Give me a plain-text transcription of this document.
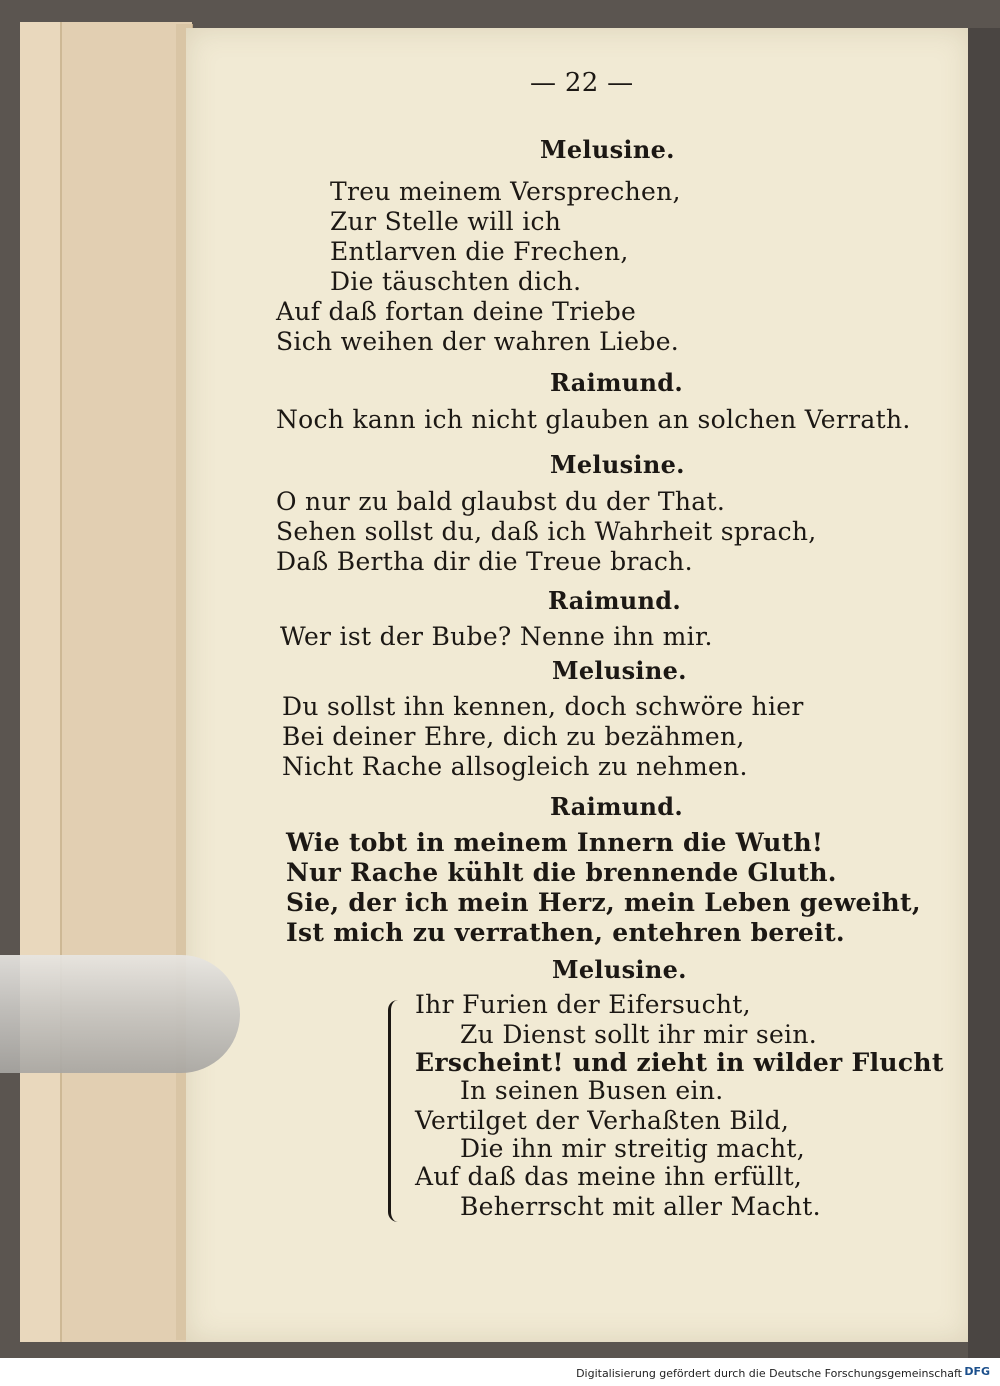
— 22 —
Melusine.
Treu meinem Versprechen,
Zur Stelle will ich
Entlarven die Frechen,
Die täuschten dich.
Auf daß fortan deine Triebe
Sich weihen der wahren Liebe.
Raimund.
Noch kann ich nicht glauben an solchen Verrath.
Melusine.
O nur zu bald glaubst du der That.
Sehen sollst du, daß ich Wahrheit sprach,
Daß Bertha dir die Treue brach.
Raimund.
Wer ist der Bube? Nenne ihn mir.
Melusine.
Du sollst ihn kennen, doch schwöre hier
Bei deiner Ehre, dich zu bezähmen,
Nicht Rache allsogleich zu nehmen.
Raimund.
Wie tobt in meinem Innern die Wuth!
Nur Rache kühlt die brennende Gluth.
Sie, der ich mein Herz, mein Leben geweiht,
Ist mich zu verrathen, entehren bereit.
Melusine.
Ihr Furien der Eifersucht,
Zu Dienst sollt ihr mir sein.
Erscheint! und zieht in wilder Flucht
In seinen Busen ein.
Vertilget der Verhaßten Bild,
Die ihn mir streitig macht,
Auf daß das meine ihn erfüllt,
Beherrscht mit aller Macht.
Digitalisierung gefördert durch die Deutsche Forschungsgemeinschaft DFG
